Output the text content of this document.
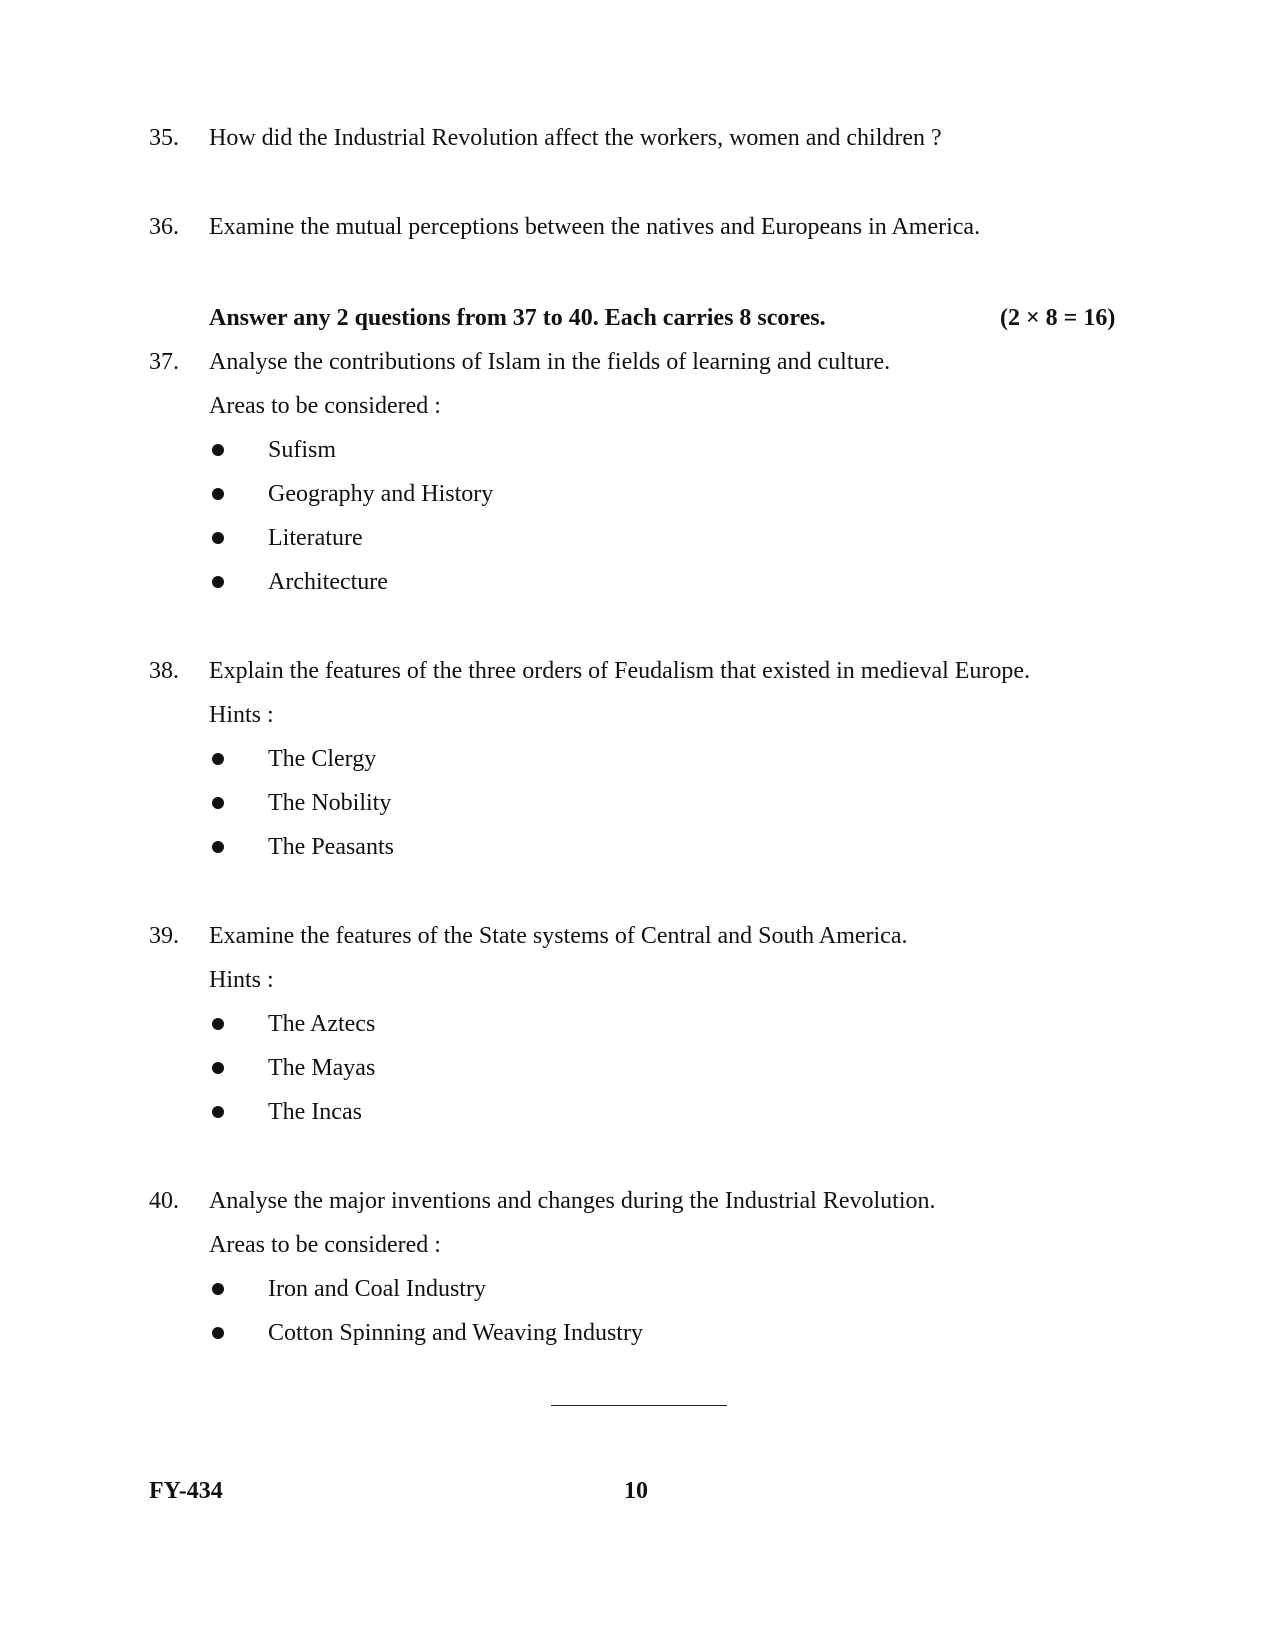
35. How did the Industrial Revolution affect the workers, women and children ?
36. Examine the mutual perceptions between the natives and Europeans in America.
Answer any 2 questions from 37 to 40. Each carries 8 scores.	(2 × 8 = 16)
37. Analyse the contributions of Islam in the fields of learning and culture.
Areas to be considered :
Sufism
Geography and History
Literature
Architecture
38. Explain the features of the three orders of Feudalism that existed in medieval Europe.
Hints :
The Clergy
The Nobility
The Peasants
39. Examine the features of the State systems of Central and South America.
Hints :
The Aztecs
The Mayas
The Incas
40. Analyse the major inventions and changes during the Industrial Revolution.
Areas to be considered :
Iron and Coal Industry
Cotton Spinning and Weaving Industry
FY-434	10
